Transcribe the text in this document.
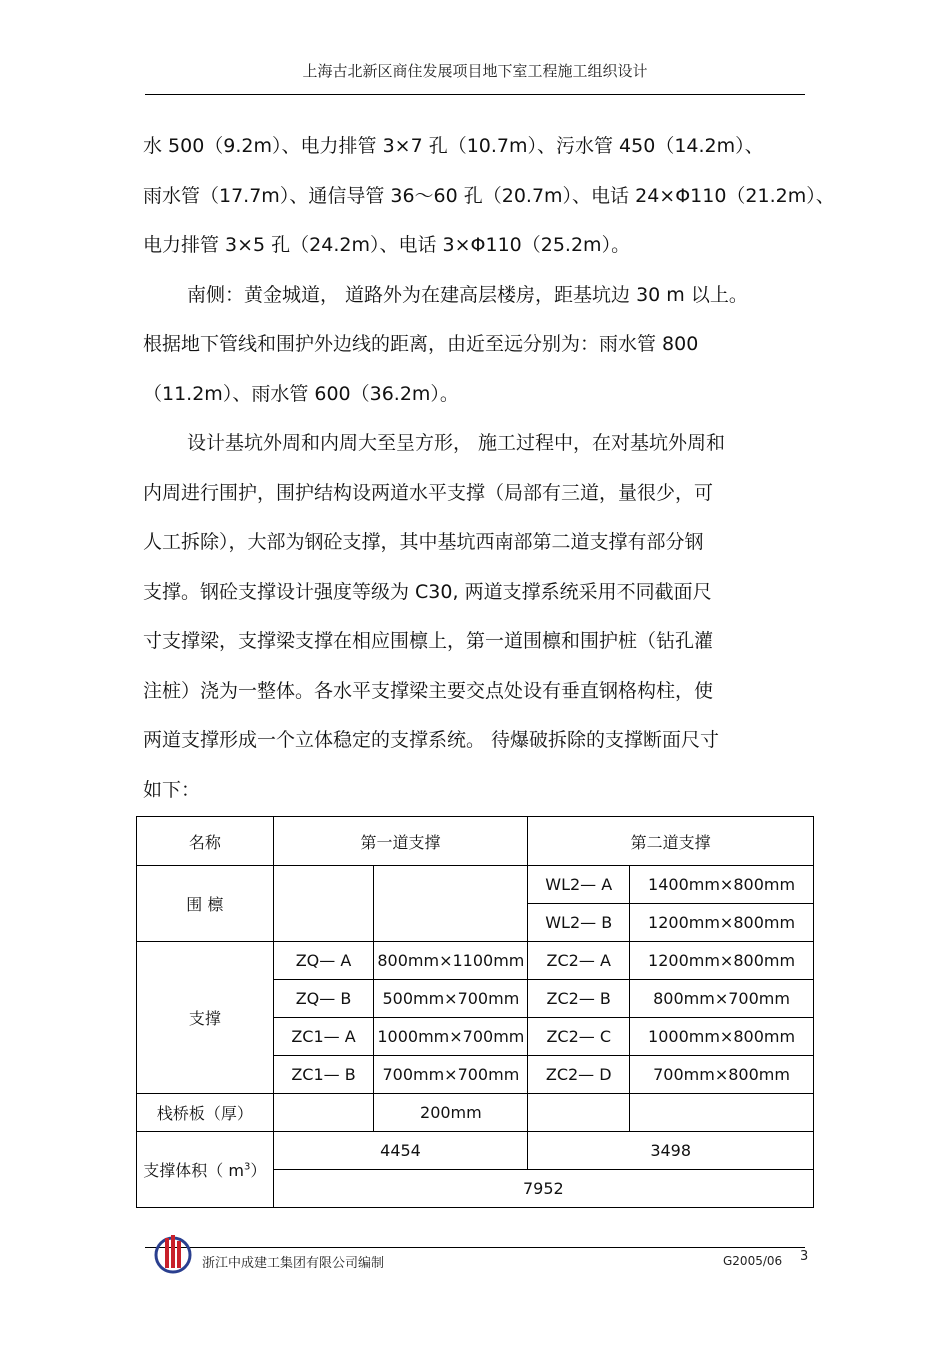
上海古北新区商住发展项目地下室工程施工组织设计

水 500（9.2m）、电力排管 3×7 孔（10.7m）、污水管 450（14.2m）、

雨水管（17.7m）、通信导管 36～60 孔（20.7m）、电话 24×Φ110（21.2m）、

电力排管 3×5 孔（24.2m）、电话 3×Φ110（25.2m）。

南侧：黄金城道， 道路外为在建高层楼房，距基坑边 30 m 以上。

根据地下管线和围护外边线的距离，由近至远分别为：雨水管 800

（11.2m）、雨水管 600（36.2m）。

设计基坑外周和内周大至呈方形， 施工过程中，在对基坑外周和

内周进行围护，围护结构设两道水平支撑（局部有三道，量很少，可

人工拆除），大部为钢砼支撑，其中基坑西南部第二道支撑有部分钢

支撑。钢砼支撑设计强度等级为 C30, 两道支撑系统采用不同截面尺

寸支撑梁，支撑梁支撑在相应围檩上，第一道围檩和围护桩（钻孔灌

注桩）浇为一整体。各水平支撑梁主要交点处设有垂直钢格构柱，使

两道支撑形成一个立体稳定的支撑系统。 待爆破拆除的支撑断面尺寸

如下：

名称	第一道支撑		第二道支撑	
围 檩			WL2— A	1400mm×800mm
			WL2— B	1200mm×800mm
支撑	ZQ— A	800mm×1100mm	ZC2— A	1200mm×800mm
	ZQ— B	500mm×700mm	ZC2— B	800mm×700mm
	ZC1— A	1000mm×700mm	ZC2— C	1000mm×800mm
	ZC1— B	700mm×700mm	ZC2— D	700mm×800mm
栈桥板（厚）		200mm		
支撑体积（ $m^3$）	4454		3498	
	7952			
浙江中成建工集团有限公司编制	G2005/06 3
